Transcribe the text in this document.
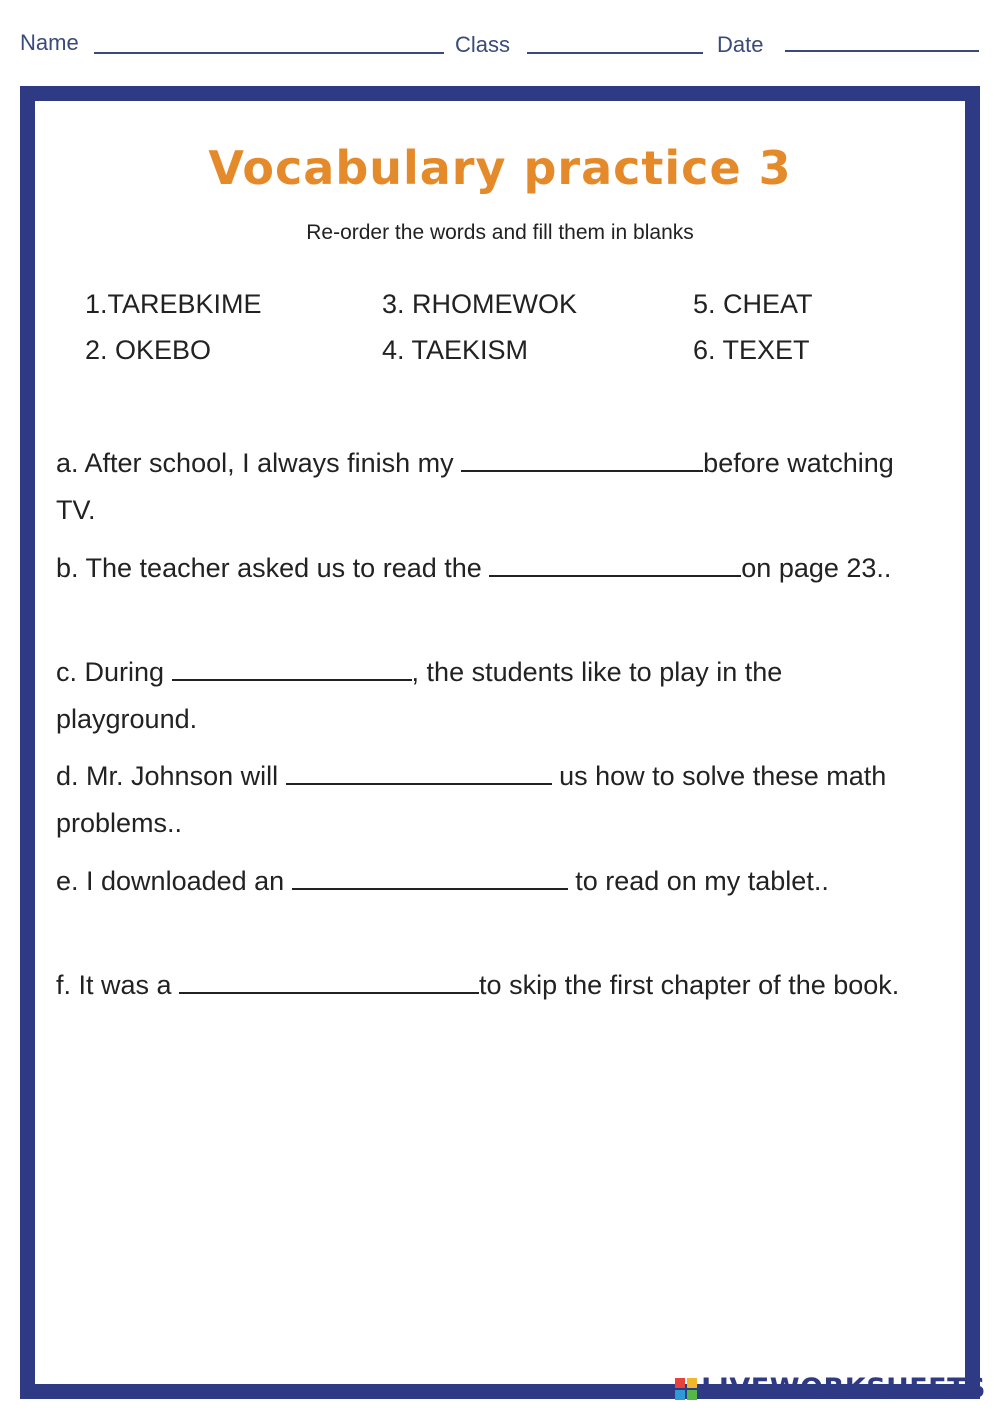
Name	Class	Date
Vocabulary practice 3
Re-order the words and fill them in blanks
1.TAREBKIME
2. OKEBO
3. RHOMEWOK
4. TAEKISM
5. CHEAT
6. TEXET
a. After school, I always finish my	before watching TV.
b. The teacher asked us to read the	on page 23..
c. During	, the students like to play in the playground.
d. Mr. Johnson will	us how to solve these math problems..
e. I downloaded an	to read on my tablet..
f. It was a	to skip the first chapter of the book.
LIVEWORKSHEETS
